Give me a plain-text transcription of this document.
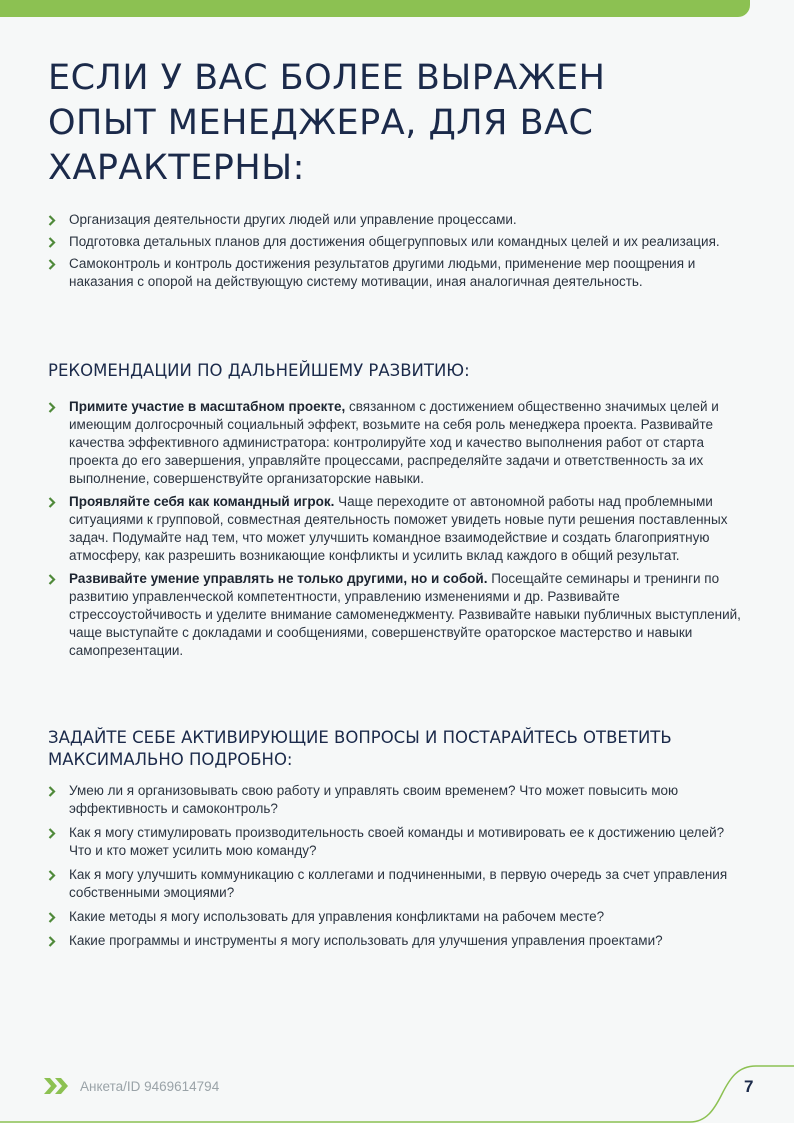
ЕСЛИ У ВАС БОЛЕЕ ВЫРАЖЕН ОПЫТ МЕНЕДЖЕРА, ДЛЯ ВАС ХАРАКТЕРНЫ:
Организация деятельности других людей или управление процессами.
Подготовка детальных планов для достижения общегрупповых или командных целей и их реализация.
Самоконтроль и контроль достижения результатов другими людьми, применение мер поощрения и наказания с опорой на действующую систему мотивации, иная аналогичная деятельность.
РЕКОМЕНДАЦИИ ПО ДАЛЬНЕЙШЕМУ РАЗВИТИЮ:
Примите участие в масштабном проекте, связанном с достижением общественно значимых целей и имеющим долгосрочный социальный эффект, возьмите на себя роль менеджера проекта. Развивайте качества эффективного администратора: контролируйте ход и качество выполнения работ от старта проекта до его завершения, управляйте процессами, распределяйте задачи и ответственность за их выполнение, совершенствуйте организаторские навыки.
Проявляйте себя как командный игрок. Чаще переходите от автономной работы над проблемными ситуациями к групповой, совместная деятельность поможет увидеть новые пути решения поставленных задач. Подумайте над тем, что может улучшить командное взаимодействие и создать благоприятную атмосферу, как разрешить возникающие конфликты и усилить вклад каждого в общий результат.
Развивайте умение управлять не только другими, но и собой. Посещайте семинары и тренинги по развитию управленческой компетентности, управлению изменениями и др. Развивайте стрессоустойчивость и уделите внимание самоменеджменту. Развивайте навыки публичных выступлений, чаще выступайте с докладами и сообщениями, совершенствуйте ораторское мастерство и навыки самопрезентации.
ЗАДАЙТЕ СЕБЕ АКТИВИРУЮЩИЕ ВОПРОСЫ И ПОСТАРАЙТЕСЬ ОТВЕТИТЬ МАКСИМАЛЬНО ПОДРОБНО:
Умею ли я организовывать свою работу и управлять своим временем? Что может повысить мою эффективность и самоконтроль?
Как я могу стимулировать производительность своей команды и мотивировать ее к достижению целей? Что и кто может усилить мою команду?
Как я могу улучшить коммуникацию с коллегами и подчиненными, в первую очередь за счет управления собственными эмоциями?
Какие методы я могу использовать для управления конфликтами на рабочем месте?
Какие программы и инструменты я могу использовать для улучшения управления проектами?
Анкета/ID 9469614794	7
